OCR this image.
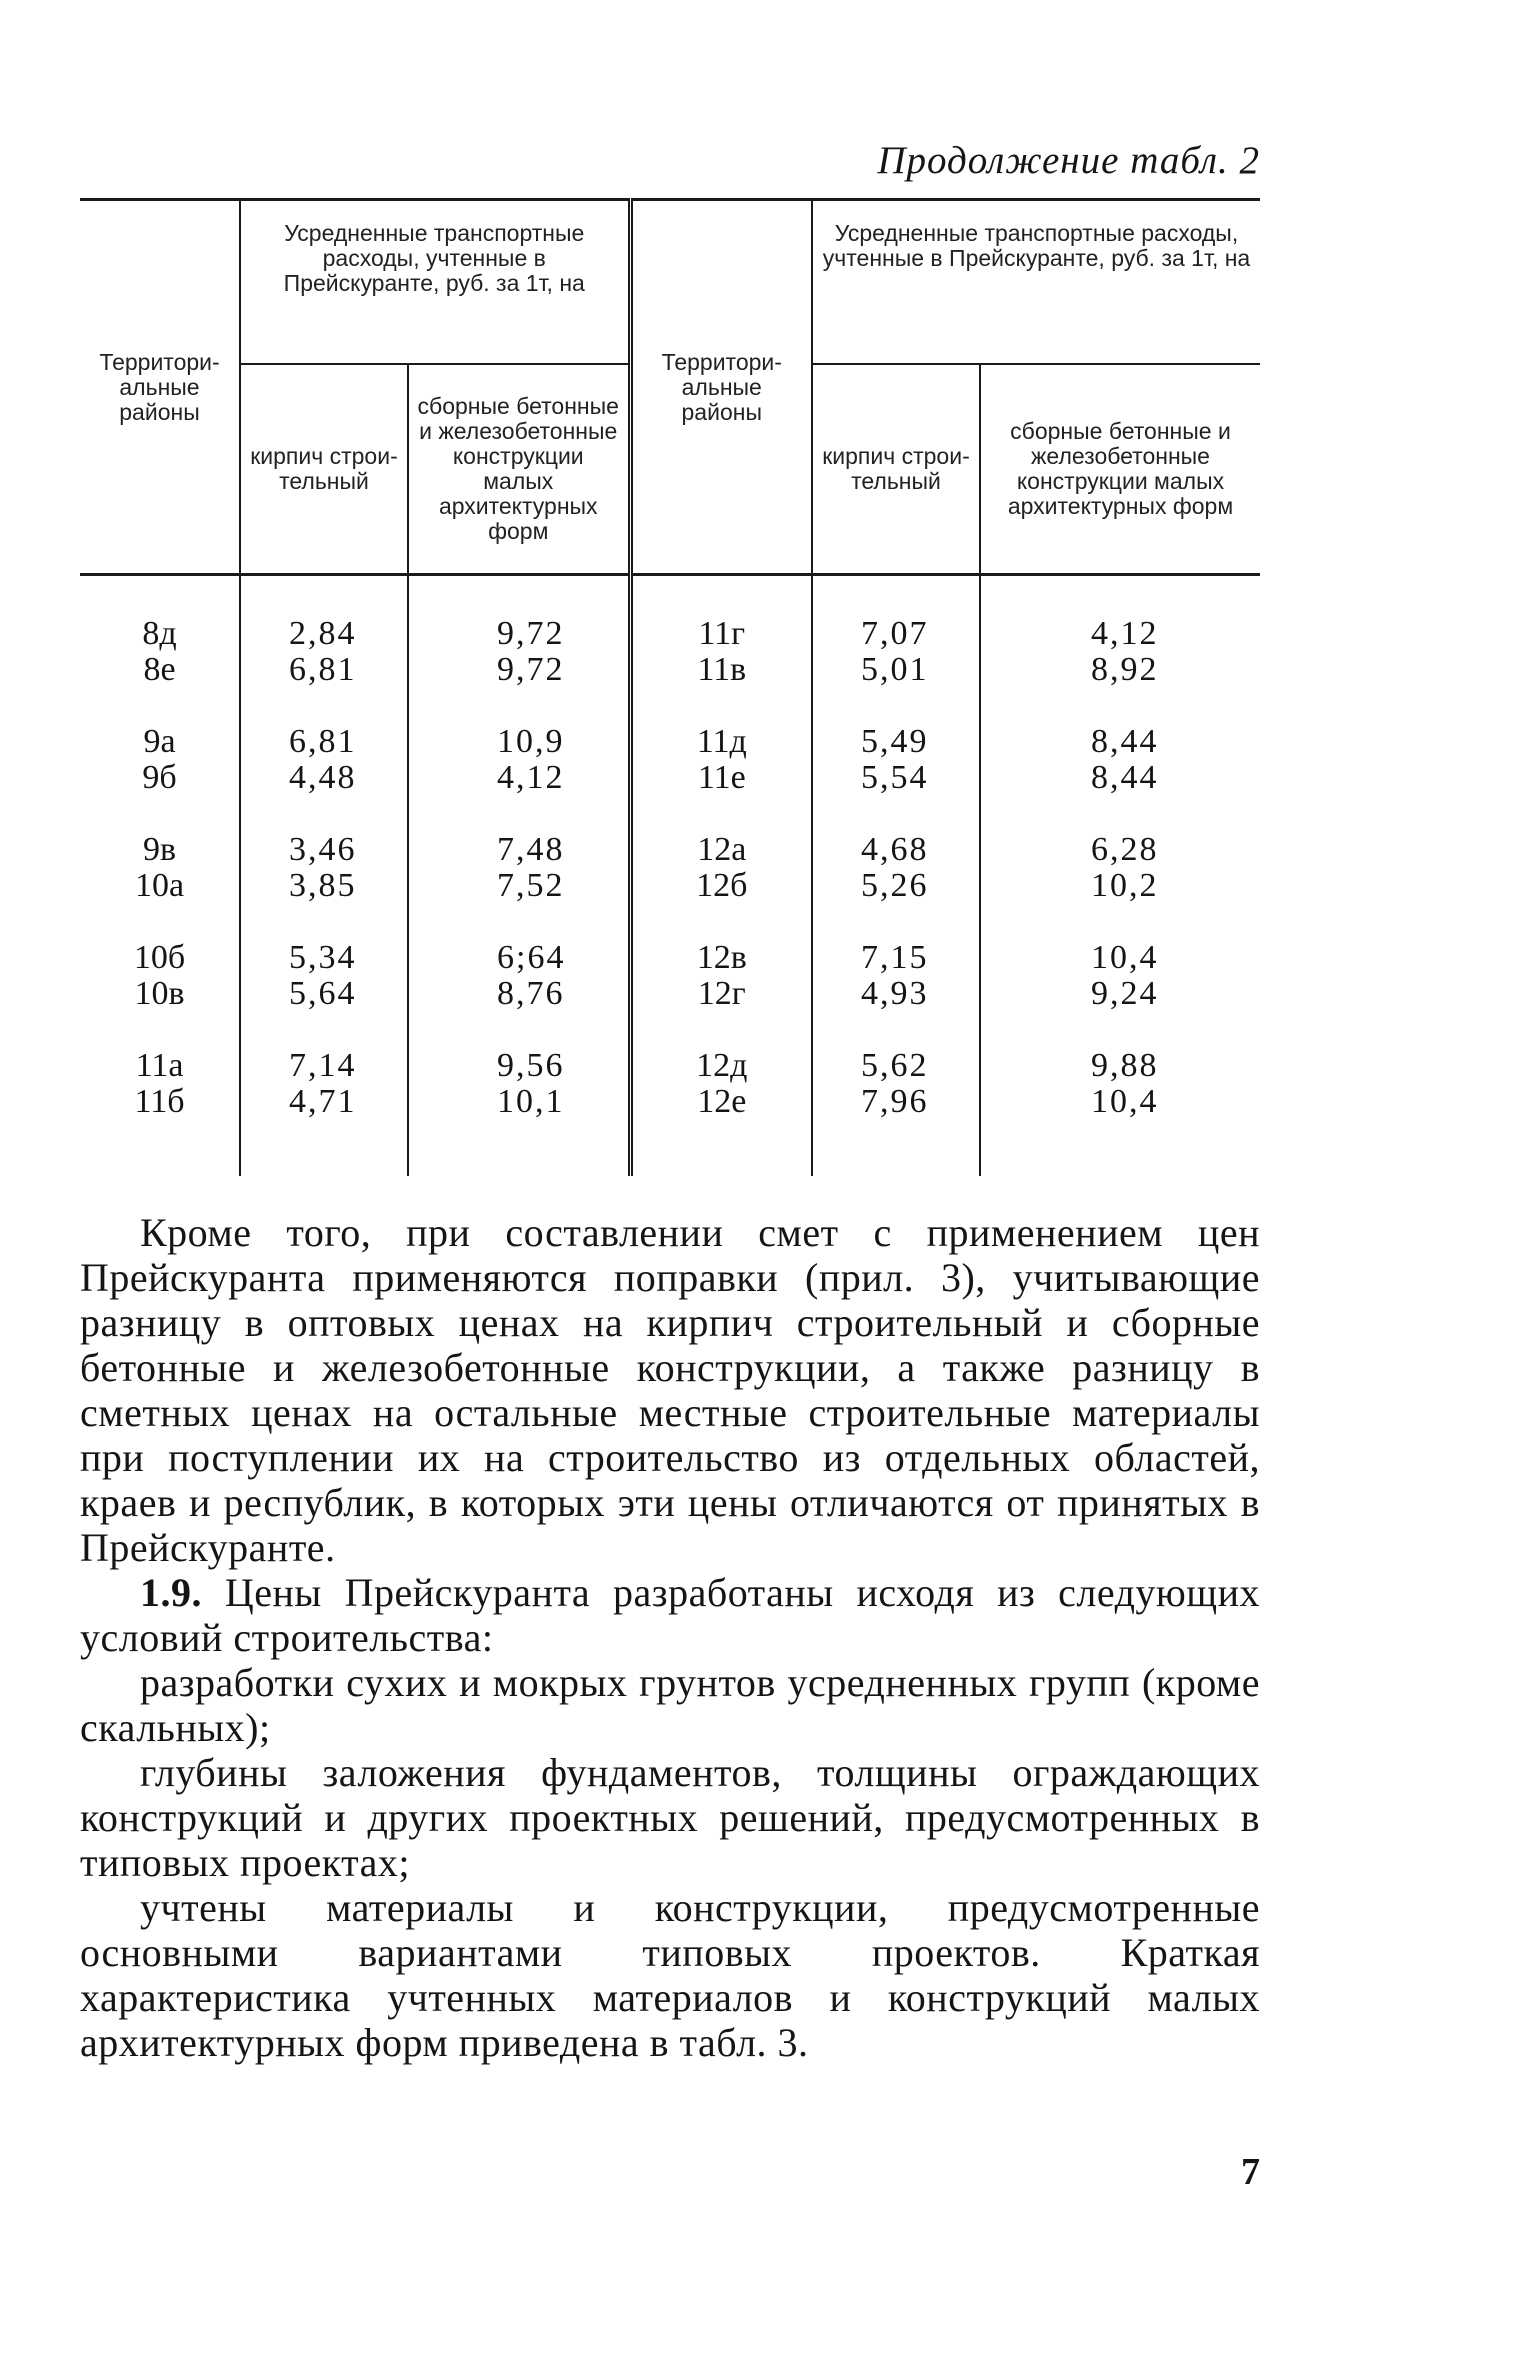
Продолжение табл. 2
Территори-альные районы	Усредненные транспортные расходы, учтенные в Прейскуранте, руб. за 1т, на		Территори-альные районы	Усредненные транспортные расходы, учтенные в Прейскуранте, руб. за 1т, на	
	кирпич строи-тельный	сборные бетонные и железобетонные конструкции малых архитектурных форм		кирпич строи-тельный	сборные бетонные и железобетонные конструкции малых архитектурных форм

8д	2,84	9,72	11г	7,07	4,12
8е	6,81	9,72	11в	5,01	8,92

9а	6,81	10,9	11д	5,49	8,44
9б	4,48	4,12	11е	5,54	8,44

9в	3,46	7,48	12а	4,68	6,28
10а	3,85	7,52	12б	5,26	10,2

10б	5,34	6;64	12в	7,15	10,4
10в	5,64	8,76	12г	4,93	9,24

11а	7,14	9,56	12д	5,62	9,88
11б	4,71	10,1	12е	7,96	10,4

Кроме того, при составлении смет с применением цен Прейскуранта применяются поправки (прил. 3), учитывающие разницу в оптовых ценах на кирпич строительный и сборные бетонные и железобетонные конструкции, а также разницу в сметных ценах на остальные местные строительные материалы при поступлении их на строительство из отдельных областей, краев и республик, в которых эти цены отличаются от принятых в Прейскуранте.

1.9. Цены Прейскуранта разработаны исходя из следующих условий строительства:

разработки сухих и мокрых грунтов усредненных групп (кроме скальных);

глубины заложения фундаментов, толщины ограждающих конструкций и других проектных решений, предусмотренных в типовых проектах;

учтены материалы и конструкции, предусмотренные основными вариантами типовых проектов. Краткая характеристика учтенных материалов и конструкций малых архитектурных форм приведена в табл. 3.

7
